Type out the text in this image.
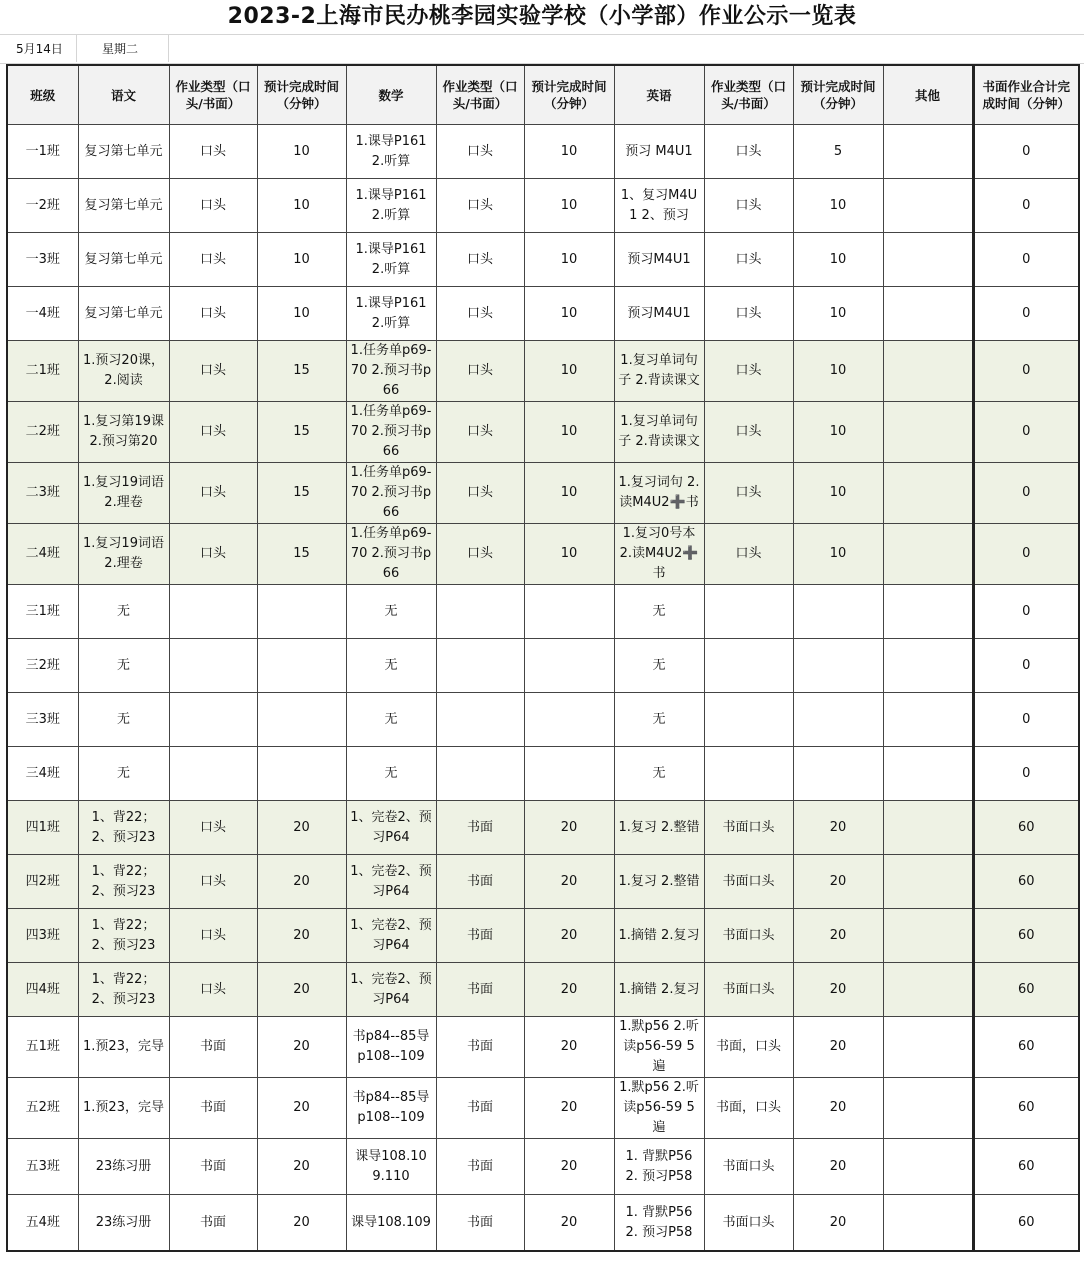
2023-2上海市民办桃李园实验学校（小学部）作业公示一览表
5月14日	星期二
班级	语文	作业类型（口头/书面）	预计完成时间（分钟）	数学	作业类型（口头/书面）	预计完成时间（分钟）	英语	作业类型（口头/书面）	预计完成时间（分钟）	其他	书面作业合计完成时间（分钟）

一1班	复习第七单元	口头	10	1.课导P161 2.听算	口头	10	预习 M4U1	口头	5		0

一2班	复习第七单元	口头	10	1.课导P161 2.听算	口头	10	1、复习M4U1 2、预习	口头	10		0

一3班	复习第七单元	口头	10	1.课导P161 2.听算	口头	10	预习M4U1	口头	10		0

一4班	复习第七单元	口头	10	1.课导P161 2.听算	口头	10	预习M4U1	口头	10		0

二1班	1.预习20课，2.阅读	口头	15	1.任务单p69-70 2.预习书p66	口头	10	1.复习单词句子 2.背读课文	口头	10		0

二2班	1.复习第19课 2.预习第20	口头	15	1.任务单p69-70 2.预习书p66	口头	10	1.复习单词句子 2.背读课文	口头	10		0

二3班	1.复习19词语2.理卷	口头	15	1.任务单p69-70 2.预习书p66	口头	10	1.复习词句 2.读M4U2➕书	口头	10		0

二4班	1.复习19词语2.理卷	口头	15	1.任务单p69-70 2.预习书p66	口头	10	1.复习0号本 2.读M4U2➕书	口头	10		0

三1班	无			无			无				0

三2班	无			无			无				0

三3班	无			无			无				0

三4班	无			无			无				0

四1班	1、背22；2、预习23	口头	20	1、完卷2、预习P64	书面	20	1.复习 2.整错	书面口头	20		60

四2班	1、背22；2、预习23	口头	20	1、完卷2、预习P64	书面	20	1.复习 2.整错	书面口头	20		60

四3班	1、背22；2、预习23	口头	20	1、完卷2、预习P64	书面	20	1.摘错 2.复习	书面口头	20		60

四4班	1、背22；2、预习23	口头	20	1、完卷2、预习P64	书面	20	1.摘错 2.复习	书面口头	20		60

五1班	1.预23，完导	书面	20	书p84--85导p108--109	书面	20	1.默p56 2.听读p56-59 5遍	书面，口头	20		60

五2班	1.预23，完导	书面	20	书p84--85导p108--109	书面	20	1.默p56 2.听读p56-59 5遍	书面，口头	20		60

五3班	23练习册	书面	20	课导108.109.110	书面	20	1. 背默P56 2. 预习P58	书面口头	20		60

五4班	23练习册	书面	20	课导108.109	书面	20	1. 背默P56 2. 预习P58	书面口头	20		60
